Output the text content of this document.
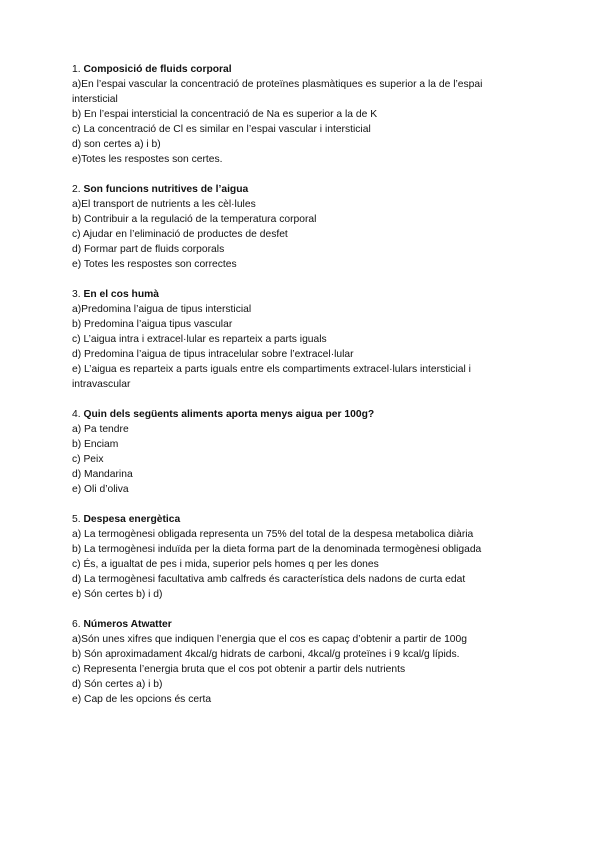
1. Composició de fluids corporal

a)En l’espai vascular la concentració de proteïnes plasmàtiques es superior a la de l’espai intersticial

b) En l’espai intersticial la concentració de Na es superior a la de K

c) La concentració de Cl es similar en l’espai vascular i intersticial

d) son certes a) i b)

e)Totes les respostes son certes.

2. Son funcions nutritives de l’aigua

a)El transport de nutrients a les cèl·lules

b) Contribuir a la regulació de la temperatura corporal

c) Ajudar en l’eliminació de productes de desfet

d) Formar part de fluids corporals

e) Totes les respostes son correctes

3. En el cos humà

a)Predomina l’aigua de tipus intersticial

b) Predomina l’aigua tipus vascular

c) L’aigua intra i extracel·lular es reparteix a parts iguals

d) Predomina l’aigua de tipus intracelular sobre l’extracel·lular

e) L’aigua es reparteix a parts iguals entre els compartiments extracel·lulars intersticial i intravascular

4. Quin dels següents aliments aporta menys aigua per 100g?

a) Pa tendre

b) Enciam

c) Peix

d) Mandarina

e) Oli d’oliva

5. Despesa energètica

a) La termogènesi obligada representa un 75% del total de la despesa metabolica diària

b) La termogènesi induïda per la dieta forma part de la denominada termogènesi obligada

c) És, a igualtat de pes i mida, superior pels homes q per les dones

d) La termogènesi facultativa amb calfreds és característica dels nadons de curta edat

e) Són certes b) i d)

6. Números Atwatter

a)Són unes xifres que indiquen l’energia que el cos es capaç d’obtenir a partir de 100g

b) Són aproximadament 4kcal/g hidrats de carboni, 4kcal/g proteïnes i 9 kcal/g lípids.

c) Representa l’energia bruta que el cos pot obtenir a partir dels nutrients

d) Són certes a) i b)

e) Cap de les opcions és certa
